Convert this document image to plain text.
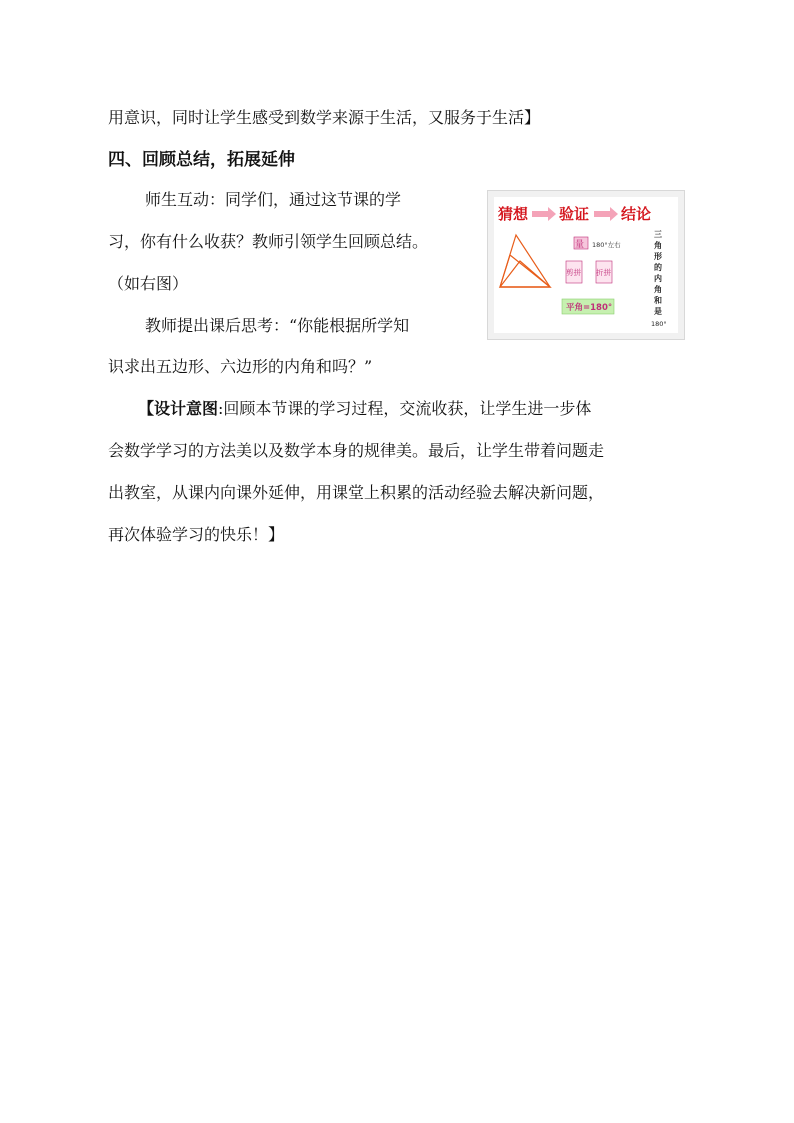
用意识，同时让学生感受到数学来源于生活，又服务于生活】
四、回顾总结，拓展延伸
师生互动：同学们，通过这节课的学
习，你有什么收获？教师引领学生回顾总结。
（如右图）
教师提出课后思考：“你能根据所学知
识求出五边形、六边形的内角和吗？”
【设计意图:回顾本节课的学习过程，交流收获，让学生进一步体
会数学学习的方法美以及数学本身的规律美。最后，让学生带着问题走
出教室，从课内向课外延伸，用课堂上积累的活动经验去解决新问题，
再次体验学习的快乐！】
猜想 验证 结论
量 180°左右
剪拼 折拼
平角=180°
三
角
形
的
内
角
和
是
180°
